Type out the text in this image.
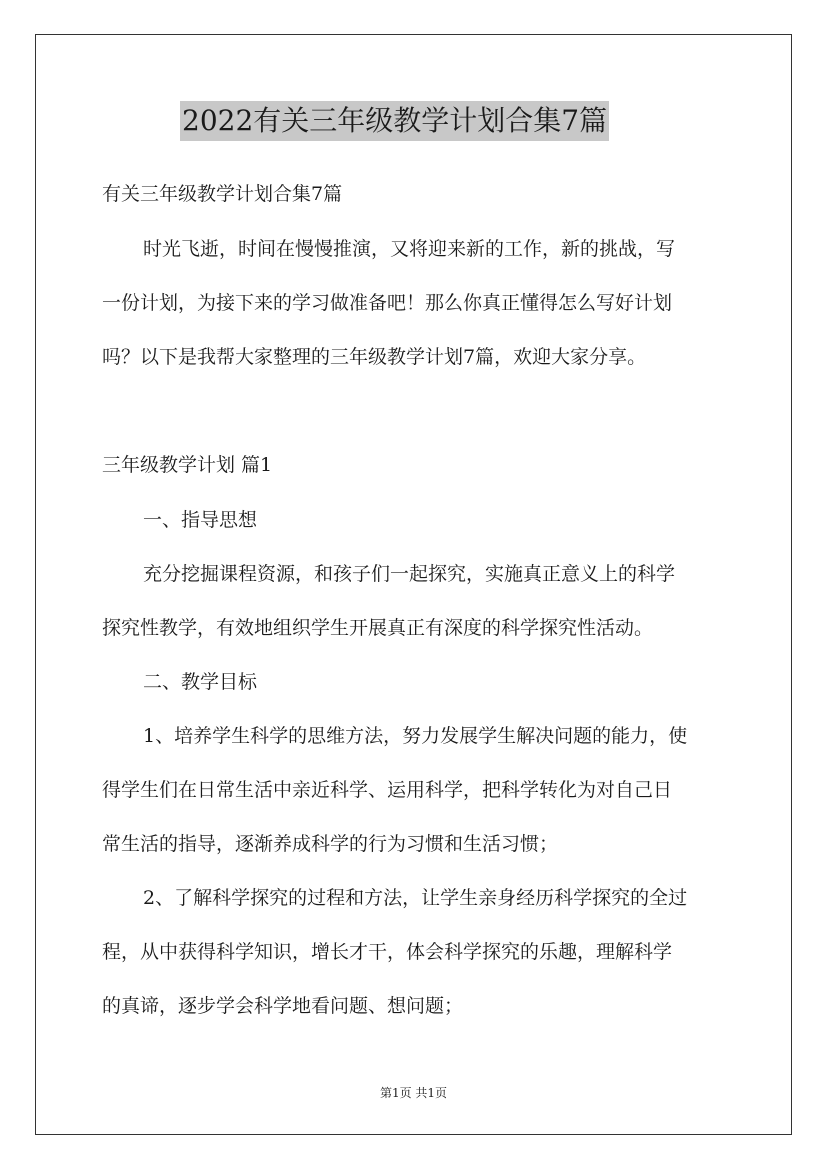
2022有关三年级教学计划合集7篇
有关三年级教学计划合集7篇
时光飞逝，时间在慢慢推演，又将迎来新的工作，新的挑战，写
一份计划，为接下来的学习做准备吧！那么你真正懂得怎么写好计划
吗？以下是我帮大家整理的三年级教学计划7篇，欢迎大家分享。
三年级教学计划 篇1
一、指导思想
充分挖掘课程资源，和孩子们一起探究，实施真正意义上的科学
探究性教学，有效地组织学生开展真正有深度的科学探究性活动。
二、教学目标
1、培养学生科学的思维方法，努力发展学生解决问题的能力，使
得学生们在日常生活中亲近科学、运用科学，把科学转化为对自己日
常生活的指导，逐渐养成科学的行为习惯和生活习惯；
2、了解科学探究的过程和方法，让学生亲身经历科学探究的全过
程，从中获得科学知识，增长才干，体会科学探究的乐趣，理解科学
的真谛，逐步学会科学地看问题、想问题；
第1页 共1页
